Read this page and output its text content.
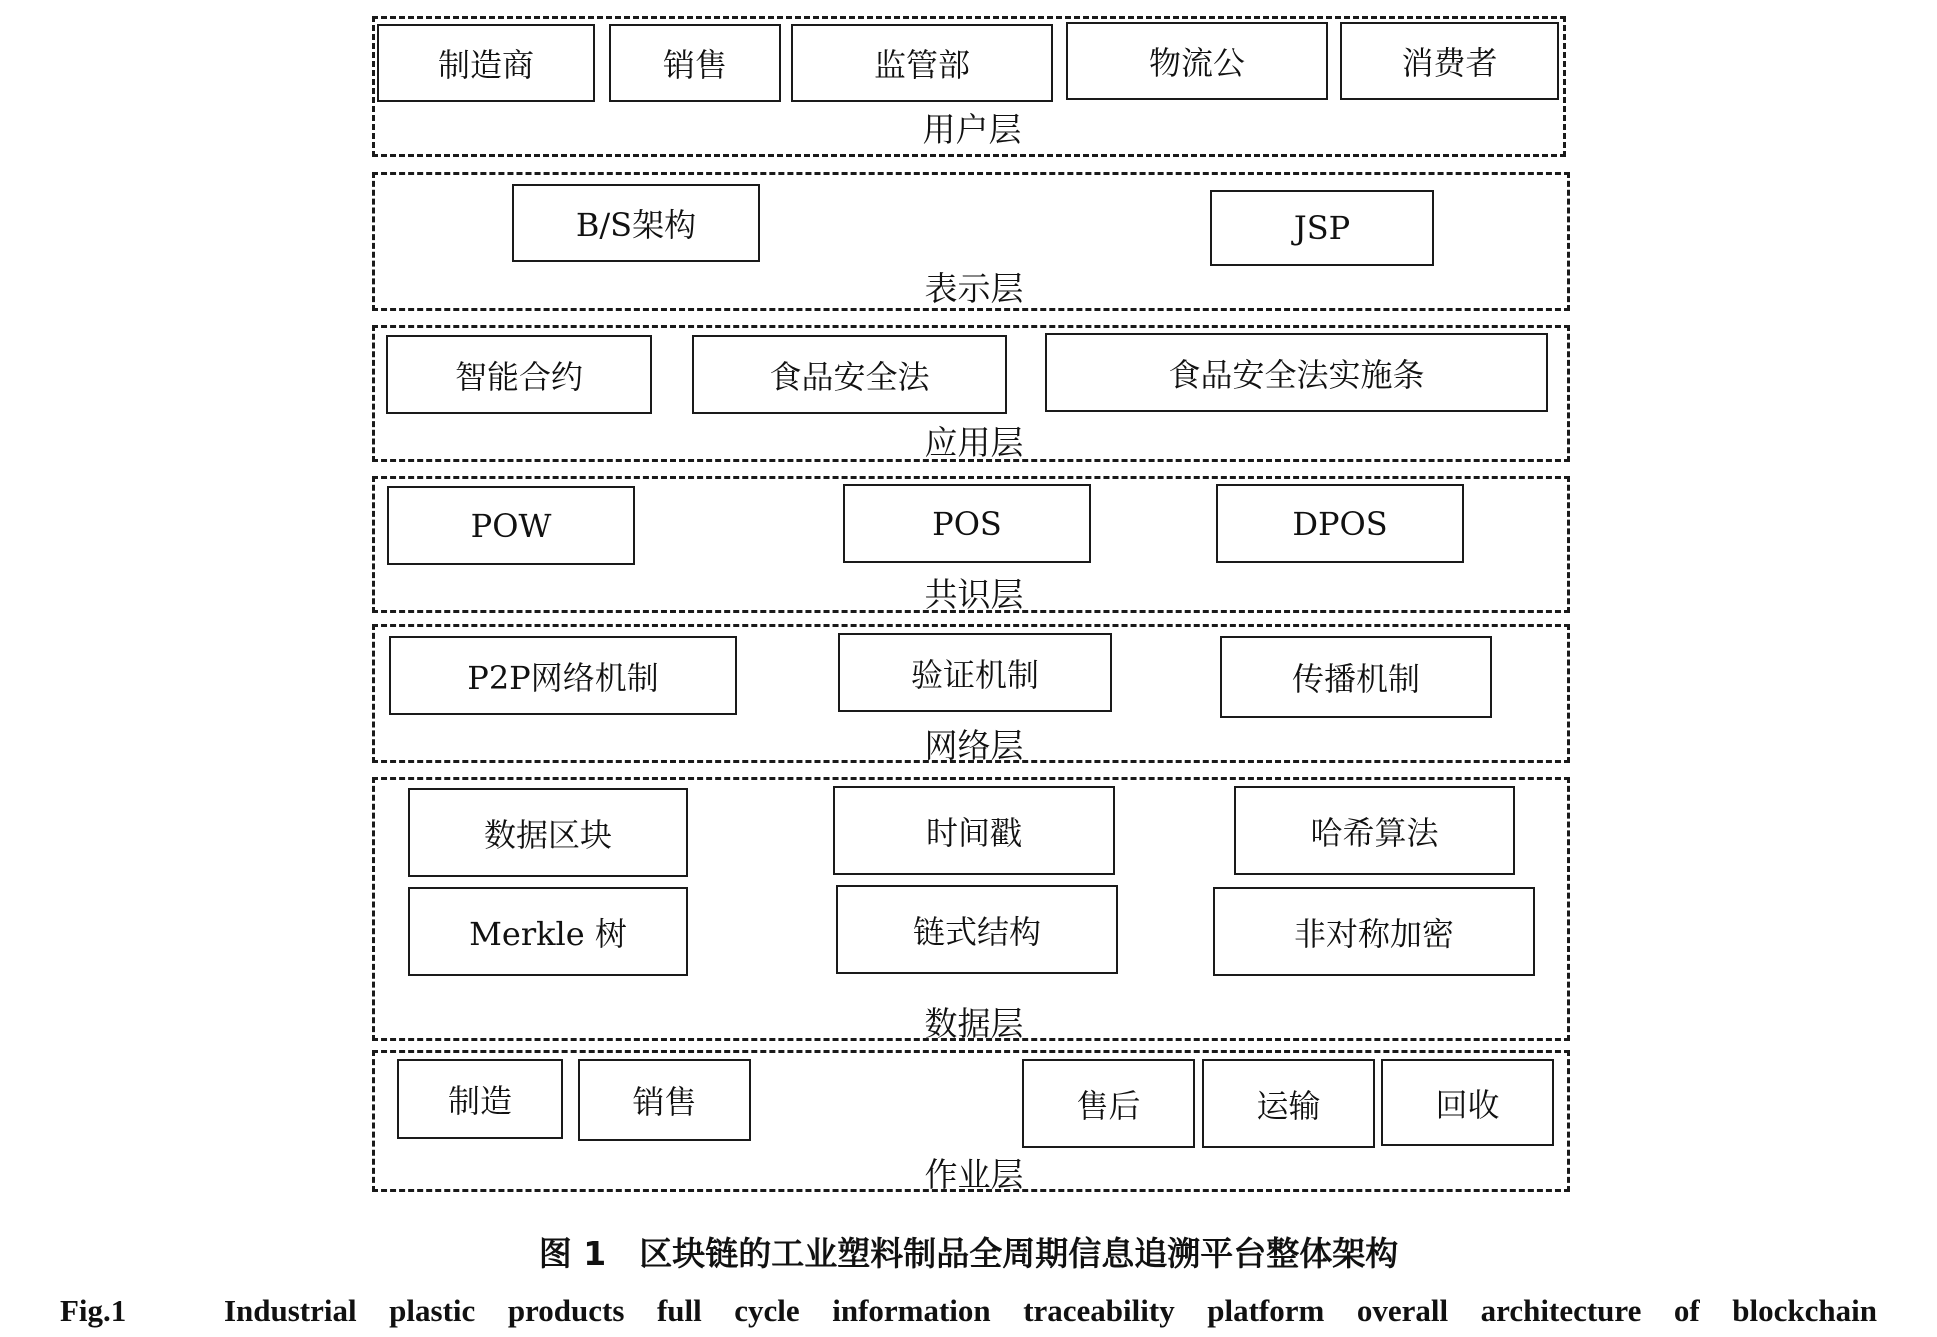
用户层
表示层
应用层
共识层
网络层
数据层
作业层
制造商	销售	监管部	物流公	消费者
B/S架构	JSP
智能合约	食品安全法	食品安全法实施条
POW	POS	DPOS
P2P网络机制	验证机制	传播机制
数据区块	时间戳	哈希算法
Merkle 树	链式结构	非对称加密
制造	销售	售后	运输	回收
图 1　区块链的工业塑料制品全周期信息追溯平台整体架构
Fig.1   Industrial plastic products full cycle information traceability platform overall architecture of blockchain
